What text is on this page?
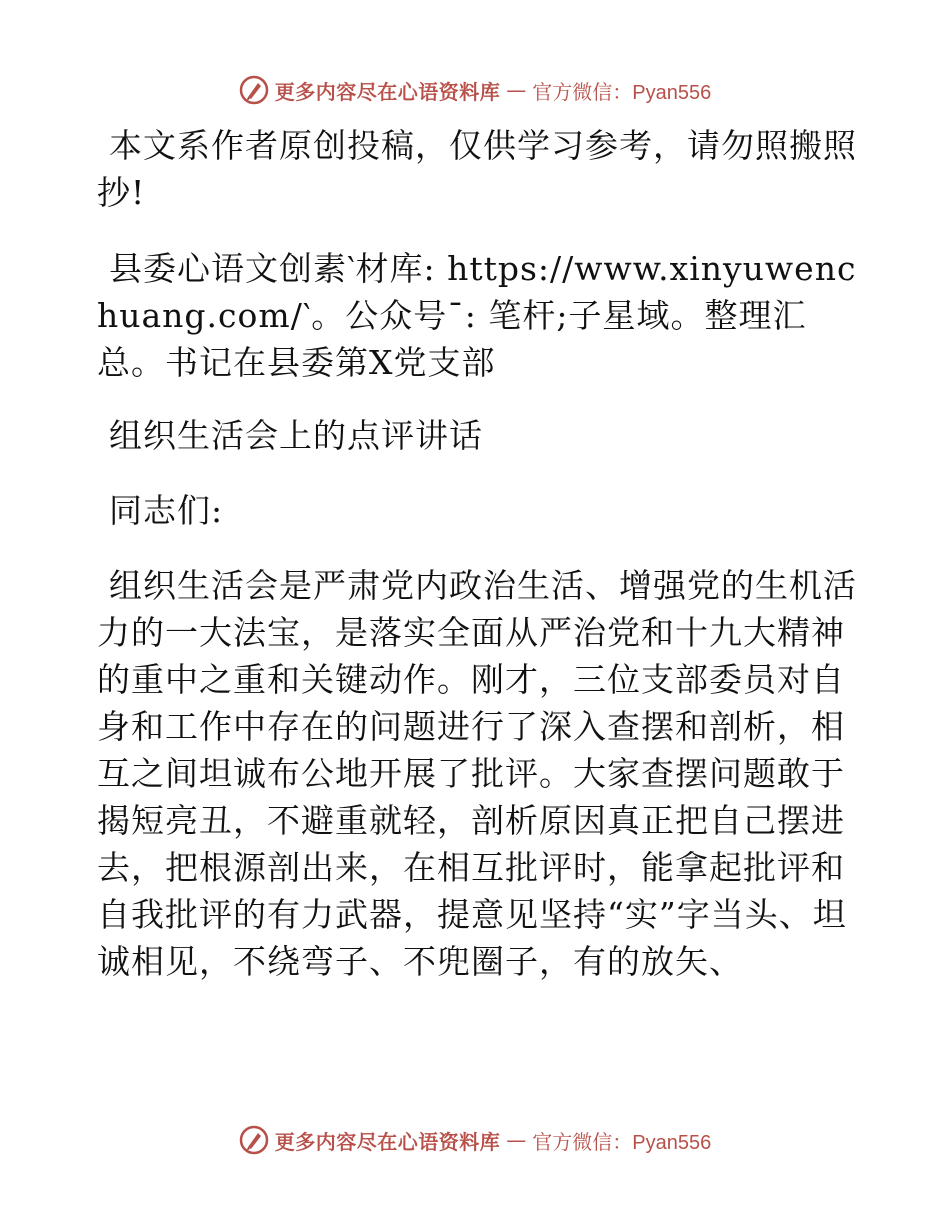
更多内容尽在心语资料库 — 官方微信：Pyan556

本文系作者原创投稿，仅供学习参考，请勿照搬照抄!

县委心语文创素‵材库: https://www.xinyuwenchuang.com/‵。公众号¯: 笔杆;子星域。整理汇总。书记在县委第X党支部

组织生活会上的点评讲话

同志们:

组织生活会是严肃党内政治生活、增强党的生机活力的一大法宝，是落实全面从严治党和十九大精神的重中之重和关键动作。刚才，三位支部委员对自身和工作中存在的问题进行了深入查摆和剖析，相互之间坦诚布公地开展了批评。大家查摆问题敢于揭短亮丑，不避重就轻，剖析原因真正把自己摆进去，把根源剖出来，在相互批评时，能拿起批评和自我批评的有力武器，提意见坚持“实”字当头、坦诚相见，不绕弯子、不兜圈子，有的放矢、

更多内容尽在心语资料库 — 官方微信：Pyan556
